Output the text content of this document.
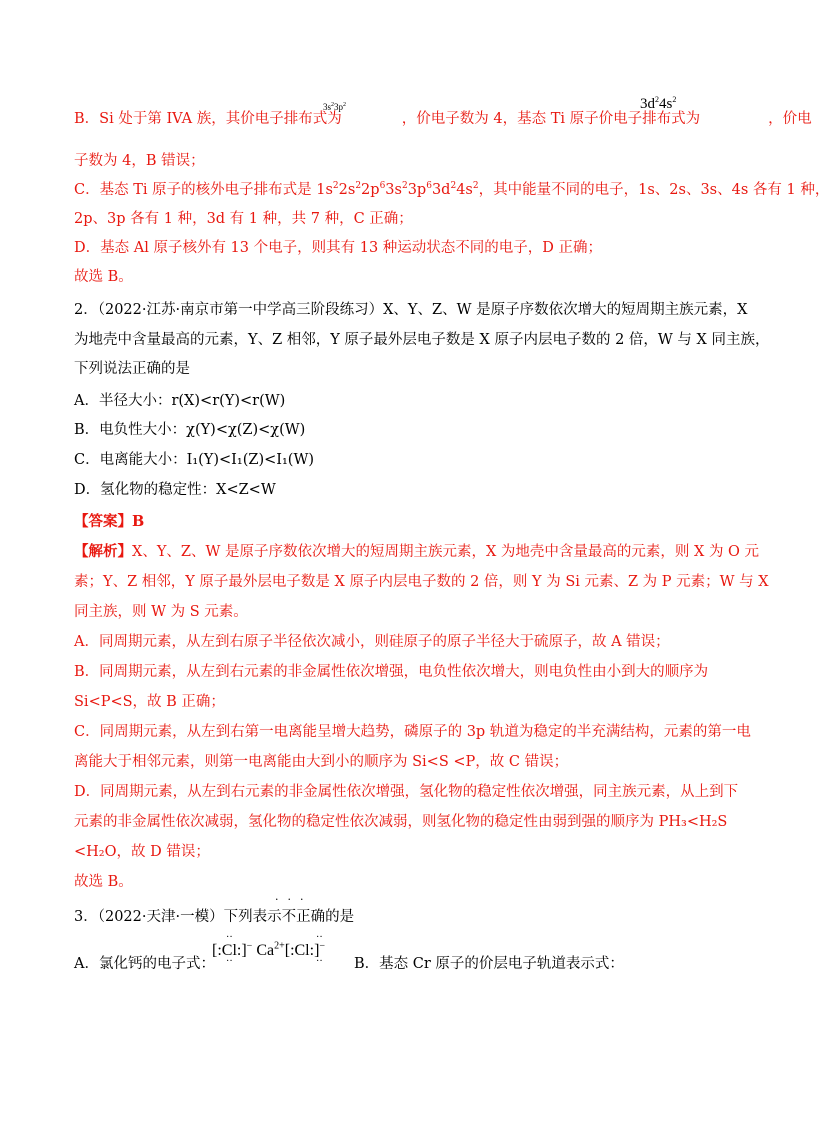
B．Si 处于第 IVA 族，其价电子排布式为	，价电子数为 4，基态 Ti 原子价电子排布式为	，价电
$3s^23p^2$	$3d^24s^2$
子数为 4，B 错误；
C．基态 Ti 原子的核外电子排布式是 $1s^22s^22p^63s^23p^63d^24s^2$，其中能量不同的电子，1s、2s、3s、4s 各有 1 种，
2p、3p 各有 1 种，3d 有 1 种，共 7 种，C 正确；
D．基态 Al 原子核外有 13 个电子，则其有 13 种运动状态不同的电子，D 正确；
故选 B。
2．（2022·江苏·南京市第一中学高三阶段练习）X、Y、Z、W 是原子序数依次增大的短周期主族元素，X
为地壳中含量最高的元素，Y、Z 相邻，Y 原子最外层电子数是 X 原子内层电子数的 2 倍，W 与 X 同主族，
下列说法正确的是
A．半径大小：r(X)<r(Y)<r(W)
B．电负性大小：χ(Y)<χ(Z)<χ(W)
C．电离能大小：I₁(Y)<I₁(Z)<I₁(W)
D．氢化物的稳定性：X<Z<W
【答案】B
【解析】X、Y、Z、W 是原子序数依次增大的短周期主族元素，X 为地壳中含量最高的元素，则 X 为 O 元
素；Y、Z 相邻，Y 原子最外层电子数是 X 原子内层电子数的 2 倍，则 Y 为 Si 元素、Z 为 P 元素；W 与 X
同主族，则 W 为 S 元素。
A．同周期元素，从左到右原子半径依次减小，则硅原子的原子半径大于硫原子，故 A 错误；
B．同周期元素，从左到右元素的非金属性依次增强，电负性依次增大，则电负性由小到大的顺序为
Si<P<S，故 B 正确；
C．同周期元素，从左到右第一电离能呈增大趋势，磷原子的 3p 轨道为稳定的半充满结构，元素的第一电
离能大于相邻元素，则第一电离能由大到小的顺序为 Si<S <P，故 C 错误；
D．同周期元素，从左到右元素的非金属性依次增强，氢化物的稳定性依次增强，同主族元素，从上到下
元素的非金属性依次减弱，氢化物的稳定性依次减弱，则氢化物的稳定性由弱到强的顺序为 PH₃<H₂S
<H₂O，故 D 错误；
故选 B。
3．（2022·天津·一模）下列表示不正确的是
···
A．氯化钙的电子式：
[:Cl:]− $Ca^{2+}[:Cl:]^-$
··
··
··
·· B．基态 Cr 原子的价层电子轨道表示式：
